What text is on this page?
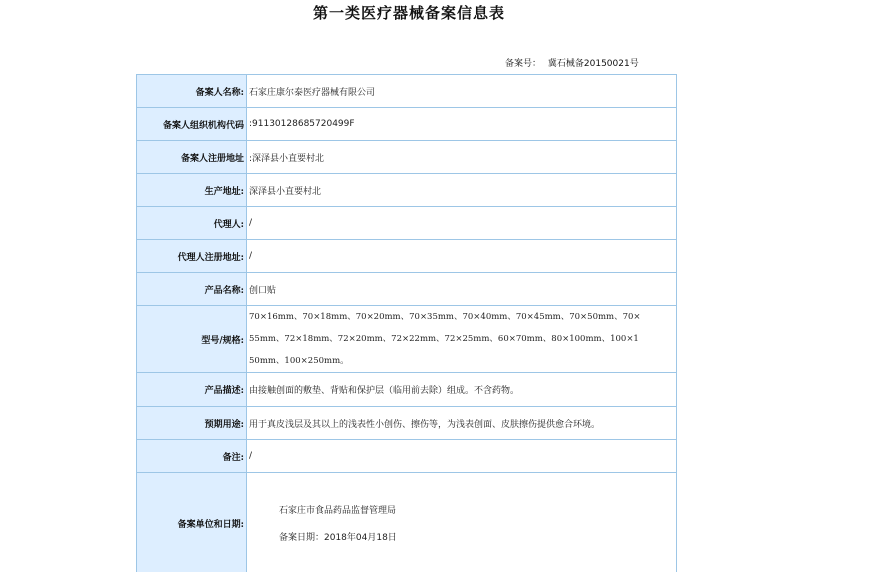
第一类医疗器械备案信息表
备案号： 冀石械备20150021号
备案人名称:	石家庄康尔泰医疗器械有限公司
备案人组织机构代码	:91130128685720499F
备案人注册地址	:深泽县小直要村北
生产地址:	深泽县小直要村北
代理人:	/
代理人注册地址:	/
产品名称:	创口贴
型号/规格:	70×16mm、70×18mm、70×20mm、70×35mm、70×40mm、70×45mm、70×50mm、70×
55mm、72×18mm、72×20mm、72×22mm、72×25mm、60×70mm、80×100mm、100×1
50mm、100×250mm。

产品描述:	由接触创面的敷垫、背贴和保护层（临用前去除）组成。不含药物。
预期用途:	用于真皮浅层及其以上的浅表性小创伤、擦伤等，为浅表创面、皮肤擦伤提供愈合环境。
备注:	/
备案单位和日期:	石家庄市食品药品监督管理局
备案日期：2018年04月18日
